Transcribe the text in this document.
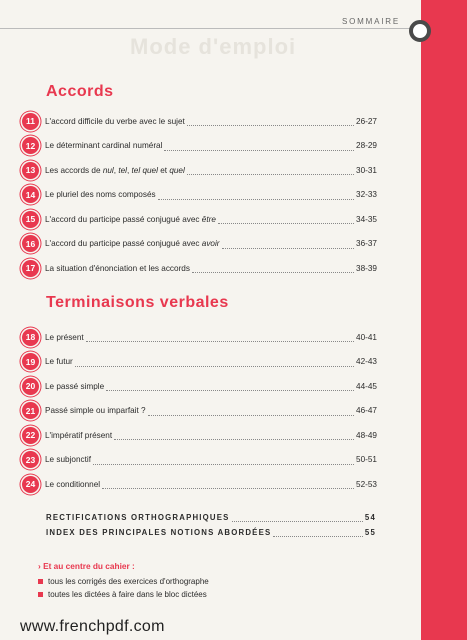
SOMMAIRE
Mode d'emploi
Accords
11	L'accord difficile du verbe avec le sujet	26-27
12	Le déterminant cardinal numéral	28-29
13	Les accords de nul, tel, tel quel et quel	30-31
14	Le pluriel des noms composés	32-33
15	L'accord du participe passé conjugué avec être	34-35
16	L'accord du participe passé conjugué avec avoir	36-37
17	La situation d'énonciation et les accords	38-39
Terminaisons verbales
18	Le présent	40-41
19	Le futur	42-43
20	Le passé simple	44-45
21	Passé simple ou imparfait ?	46-47
22	L'impératif présent	48-49
23	Le subjonctif	50-51
24	Le conditionnel	52-53
RECTIFICATIONS ORTHOGRAPHIQUES	54
INDEX DES PRINCIPALES NOTIONS ABORDÉES	55
› Et au centre du cahier :
tous les corrigés des exercices d'orthographe
toutes les dictées à faire dans le bloc dictées
www.frenchpdf.com
